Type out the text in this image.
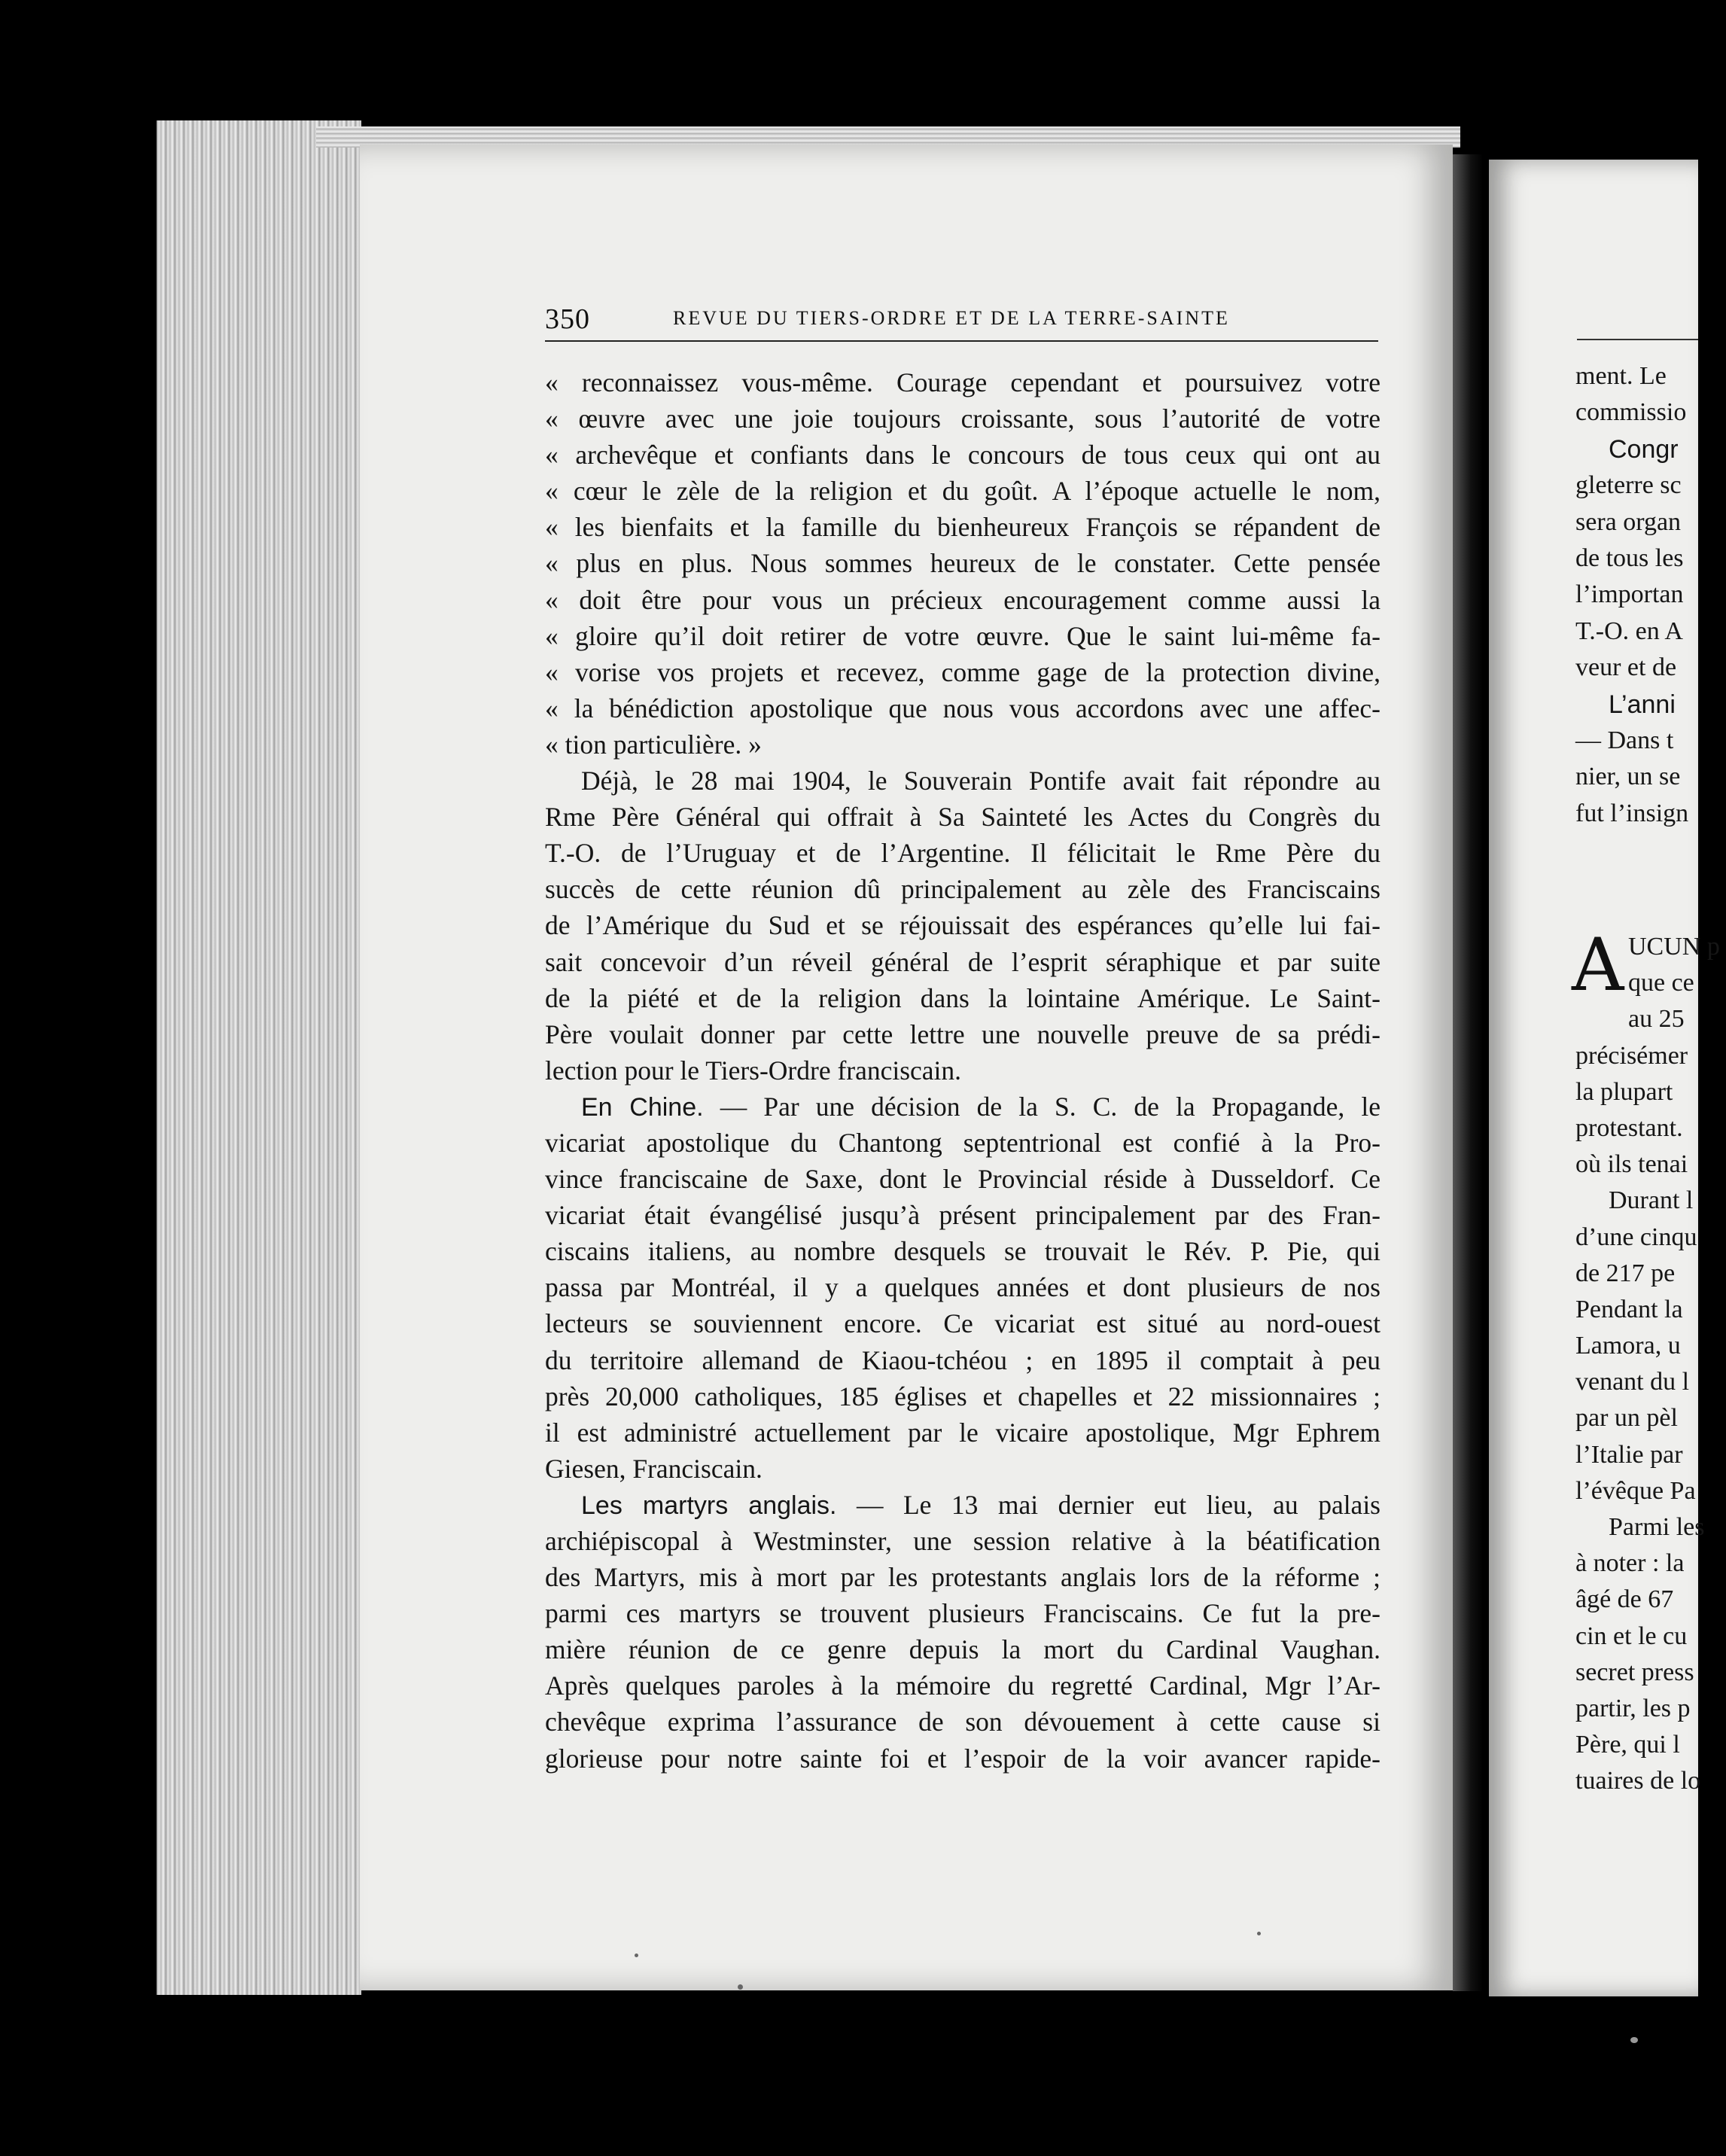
350	REVUE DU TIERS-ORDRE ET DE LA TERRE-SAINTE
« reconnaissez vous-même. Courage cependant et poursuivez votre
« œuvre avec une joie toujours croissante, sous l’autorité de votre
« archevêque et confiants dans le concours de tous ceux qui ont au
« cœur le zèle de la religion et du goût. A l’époque actuelle le nom,
« les bienfaits et la famille du bienheureux François se répandent de
« plus en plus. Nous sommes heureux de le constater. Cette pensée
« doit être pour vous un précieux encouragement comme aussi la
« gloire qu’il doit retirer de votre œuvre. Que le saint lui-même fa-
« vorise vos projets et recevez, comme gage de la protection divine,
« la bénédiction apostolique que nous vous accordons avec une affec-
« tion particulière. »
Déjà, le 28 mai 1904, le Souverain Pontife avait fait répondre au
Rme Père Général qui offrait à Sa Sainteté les Actes du Congrès du
T.-O. de l’Uruguay et de l’Argentine. Il félicitait le Rme Père du
succès de cette réunion dû principalement au zèle des Franciscains
de l’Amérique du Sud et se réjouissait des espérances qu’elle lui fai-
sait concevoir d’un réveil général de l’esprit séraphique et par suite
de la piété et de la religion dans la lointaine Amérique. Le Saint-
Père voulait donner par cette lettre une nouvelle preuve de sa prédi-
lection pour le Tiers-Ordre franciscain.
En Chine. — Par une décision de la S. C. de la Propagande, le
vicariat apostolique du Chantong septentrional est confié à la Pro-
vince franciscaine de Saxe, dont le Provincial réside à Dusseldorf. Ce
vicariat était évangélisé jusqu’à présent principalement par des Fran-
ciscains italiens, au nombre desquels se trouvait le Rév. P. Pie, qui
passa par Montréal, il y a quelques années et dont plusieurs de nos
lecteurs se souviennent encore. Ce vicariat est situé au nord-ouest
du territoire allemand de Kiaou-tchéou ; en 1895 il comptait à peu
près 20,000 catholiques, 185 églises et chapelles et 22 missionnaires ;
il est administré actuellement par le vicaire apostolique, Mgr Ephrem
Giesen, Franciscain.
Les martyrs anglais. — Le 13 mai dernier eut lieu, au palais
archiépiscopal à Westminster, une session relative à la béatification
des Martyrs, mis à mort par les protestants anglais lors de la réforme ;
parmi ces martyrs se trouvent plusieurs Franciscains. Ce fut la pre-
mière réunion de ce genre depuis la mort du Cardinal Vaughan.
Après quelques paroles à la mémoire du regretté Cardinal, Mgr l’Ar-
chevêque exprima l’assurance de son dévouement à cette cause si
glorieuse pour notre sainte foi et l’espoir de la voir avancer rapide-
ment. Le
commissio
Congr
gleterre sc
sera organ
de tous les
l’importan
T.-O. en A
veur et de
L’anni
— Dans t
nier, un se
fut l’insign
A UCUN p
que ce
au 25
précisémer
la plupart
protestant.
où ils tenai
Durant l
d’une cinqu
de 217 pe
Pendant la
Lamora, u
venant du l
par un pèl
l’Italie par
l’évêque Pa
Parmi les
à noter : la
âgé de 67
cin et le cu
secret press
partir, les p
Père, qui l
tuaires de lo
